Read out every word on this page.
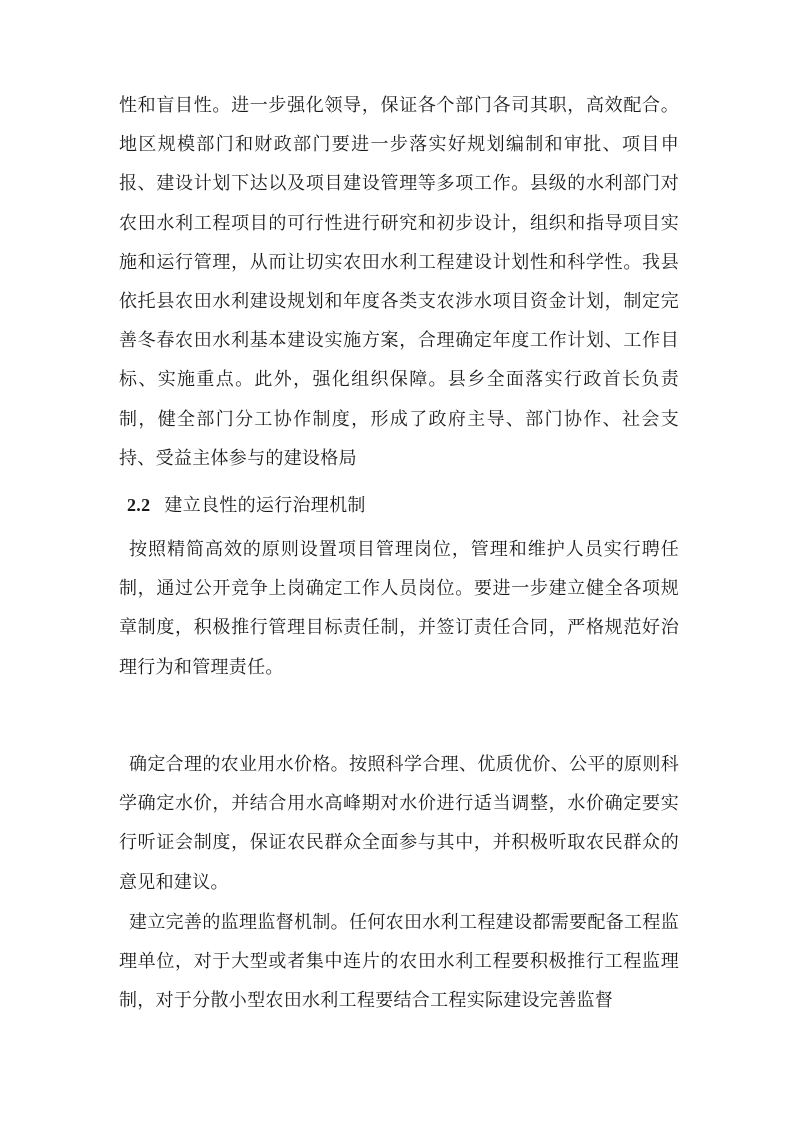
性和盲目性。进一步强化领导，保证各个部门各司其职，高效配合。地区规模部门和财政部门要进一步落实好规划编制和审批、项目申报、建设计划下达以及项目建设管理等多项工作。县级的水利部门对农田水利工程项目的可行性进行研究和初步设计，组织和指导项目实施和运行管理，从而让切实农田水利工程建设计划性和科学性。我县依托县农田水利建设规划和年度各类支农涉水项目资金计划，制定完善冬春农田水利基本建设实施方案，合理确定年度工作计划、工作目标、实施重点。此外，强化组织保障。县乡全面落实行政首长负责制，健全部门分工协作制度，形成了政府主导、部门协作、社会支持、受益主体参与的建设格局

2.2 建立良性的运行治理机制

按照精简高效的原则设置项目管理岗位，管理和维护人员实行聘任制，通过公开竞争上岗确定工作人员岗位。要进一步建立健全各项规章制度，积极推行管理目标责任制，并签订责任合同，严格规范好治理行为和管理责任。

确定合理的农业用水价格。按照科学合理、优质优价、公平的原则科学确定水价，并结合用水高峰期对水价进行适当调整，水价确定要实行听证会制度，保证农民群众全面参与其中，并积极听取农民群众的意见和建议。

建立完善的监理监督机制。任何农田水利工程建设都需要配备工程监理单位，对于大型或者集中连片的农田水利工程要积极推行工程监理制，对于分散小型农田水利工程要结合工程实际建设完善监督
